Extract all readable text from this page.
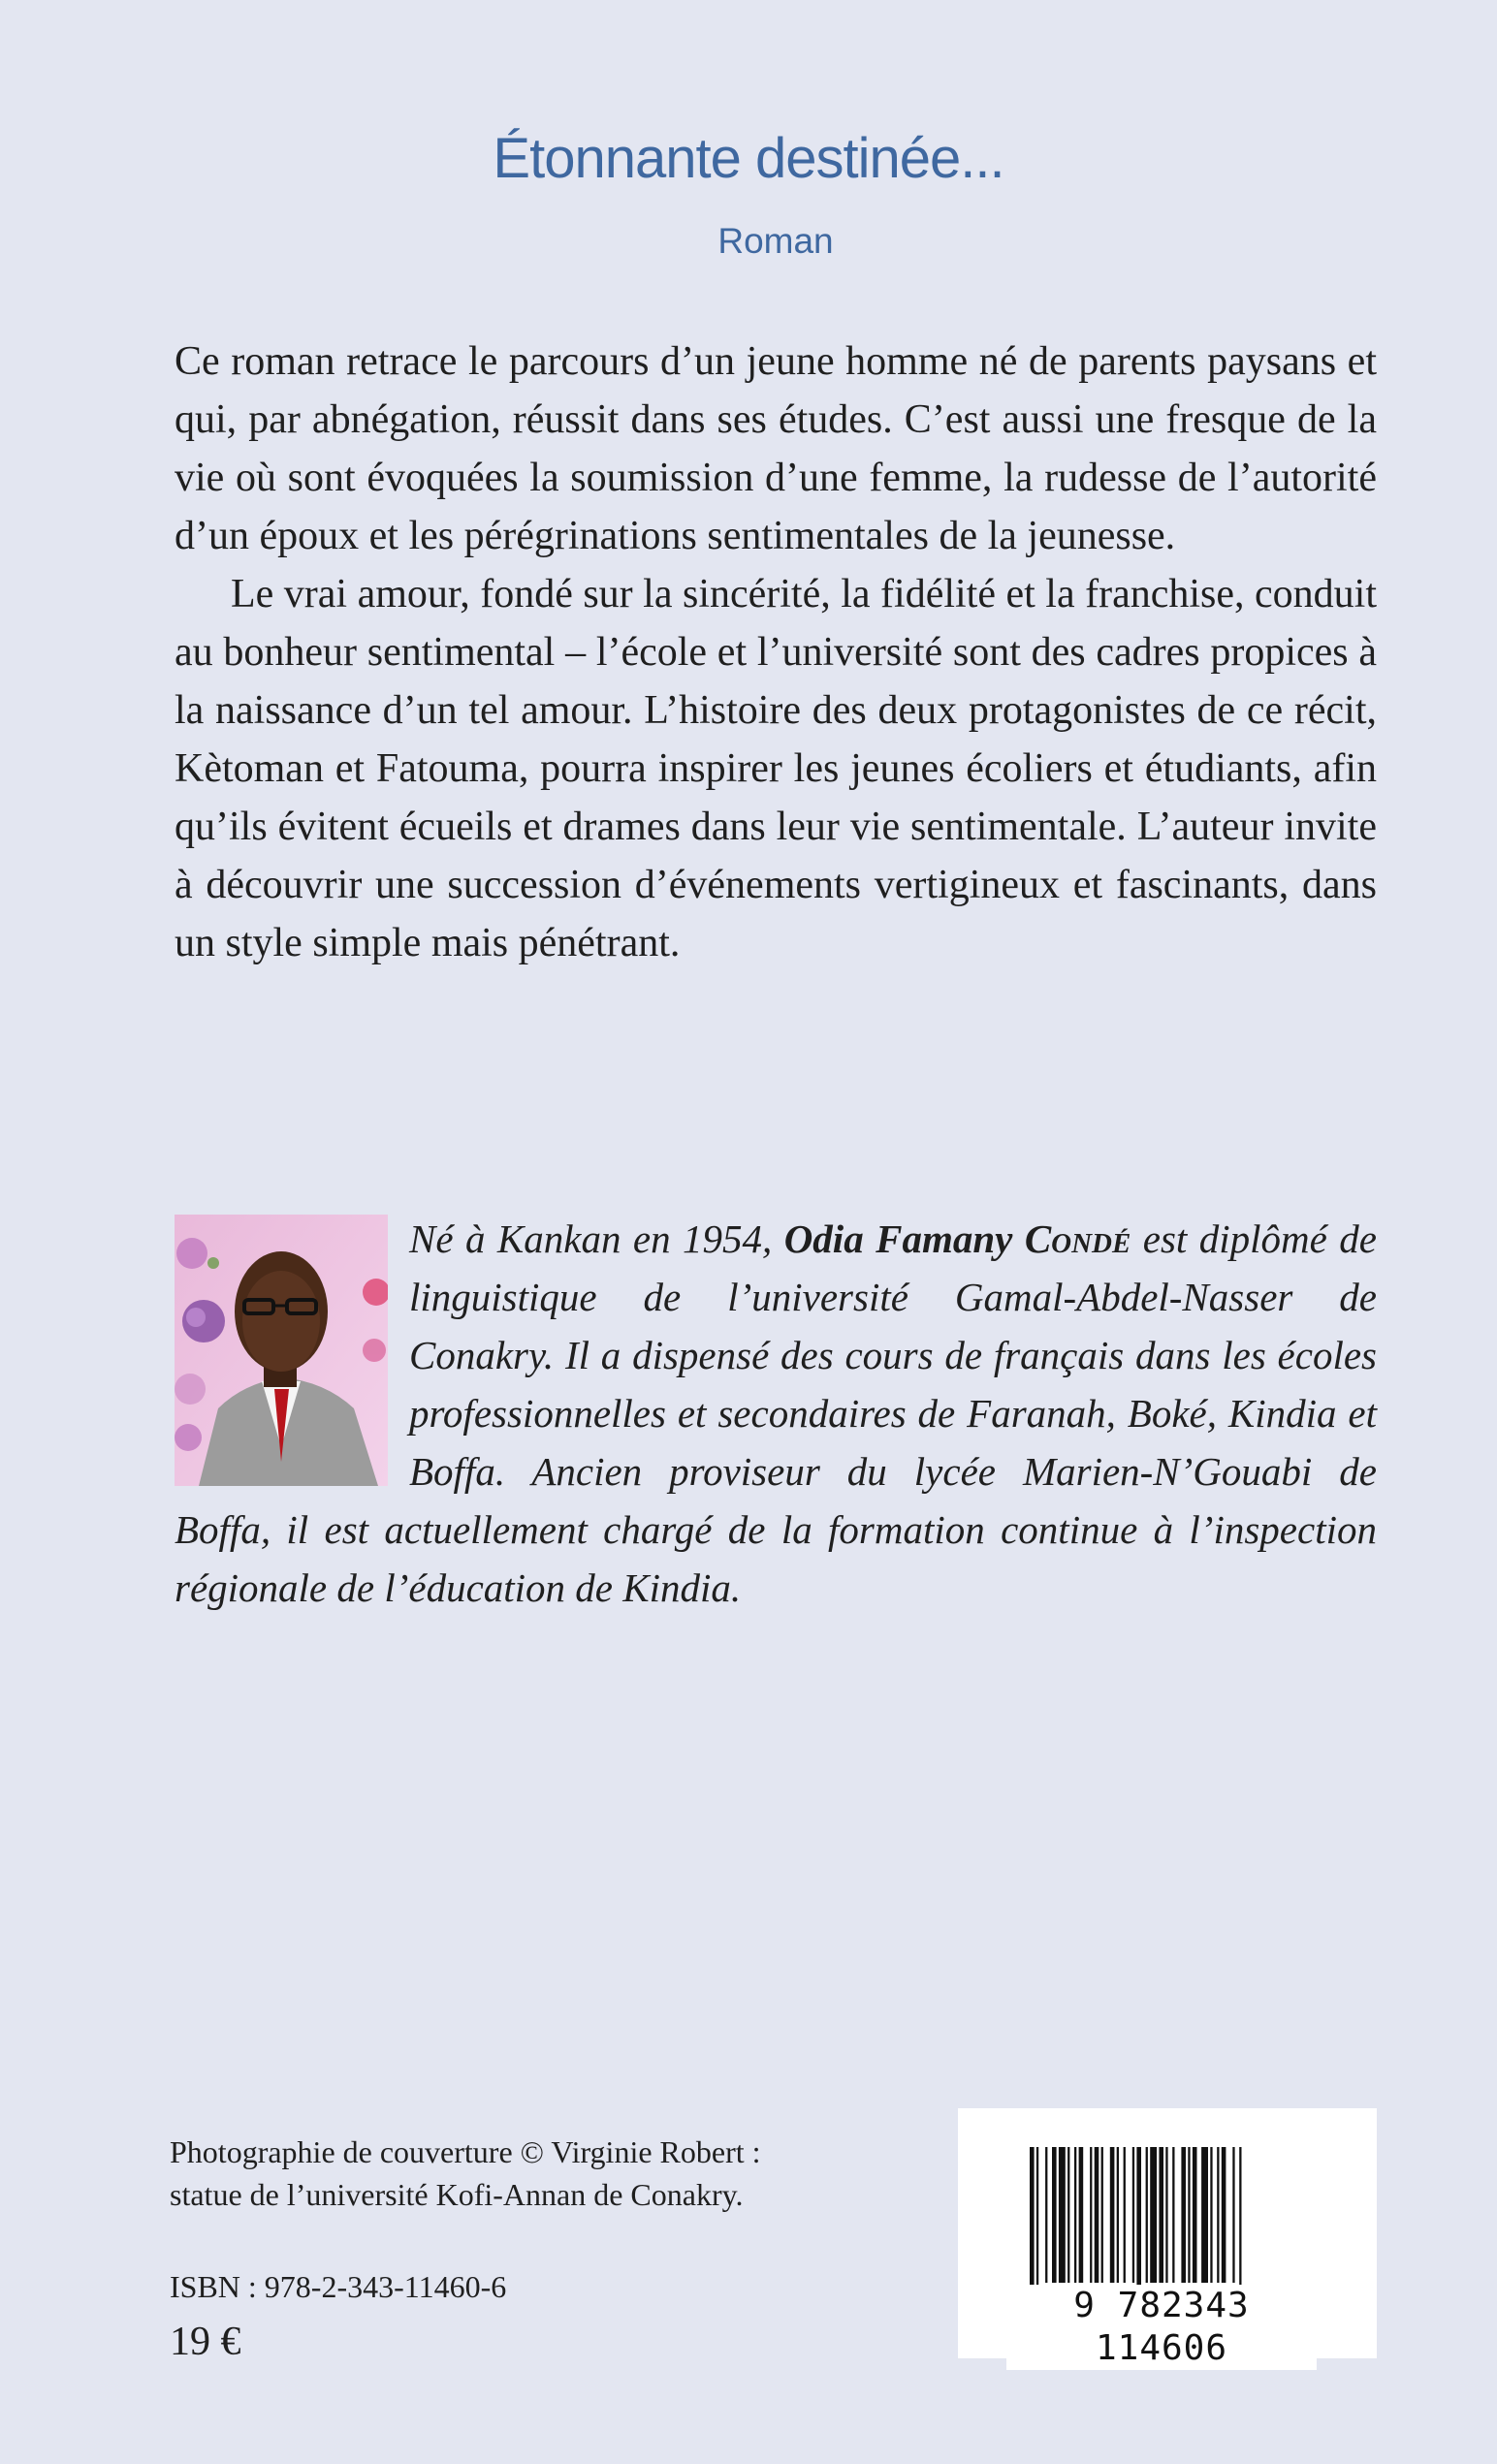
Étonnante destinée...
Roman

Ce roman retrace le parcours d’un jeune homme né de parents paysans et qui, par abnégation, réussit dans ses études. C’est aussi une fresque de la vie où sont évoquées la soumission d’une femme, la rudesse de l’autorité d’un époux et les pérégrinations sentimentales de la jeunesse.

Le vrai amour, fondé sur la sincérité, la fidélité et la franchise, conduit au bonheur sentimental – l’école et l’université sont des cadres propices à la naissance d’un tel amour. L’histoire des deux protagonistes de ce récit, Kètoman et Fatouma, pourra inspirer les jeunes écoliers et étudiants, afin qu’ils évitent écueils et drames dans leur vie sentimentale. L’auteur invite à découvrir une succession d’événements vertigineux et fascinants, dans un style simple mais pénétrant.

Né à Kankan en 1954, Odia Famany Condé est diplômé de linguistique de l’université Gamal-Abdel-Nasser de Conakry. Il a dispensé des cours de français dans les écoles professionnelles et secondaires de Faranah, Boké, Kindia et Boffa. Ancien proviseur du lycée Marien-N’Gouabi de Boffa, il est actuellement chargé de la formation continue à l’inspection régionale de l’éducation de Kindia.
Photographie de couverture © Virginie Robert :
statue de l’université Kofi-Annan de Conakry.
ISBN : 978-2-343-11460-6
19 €
9 782343 114606
